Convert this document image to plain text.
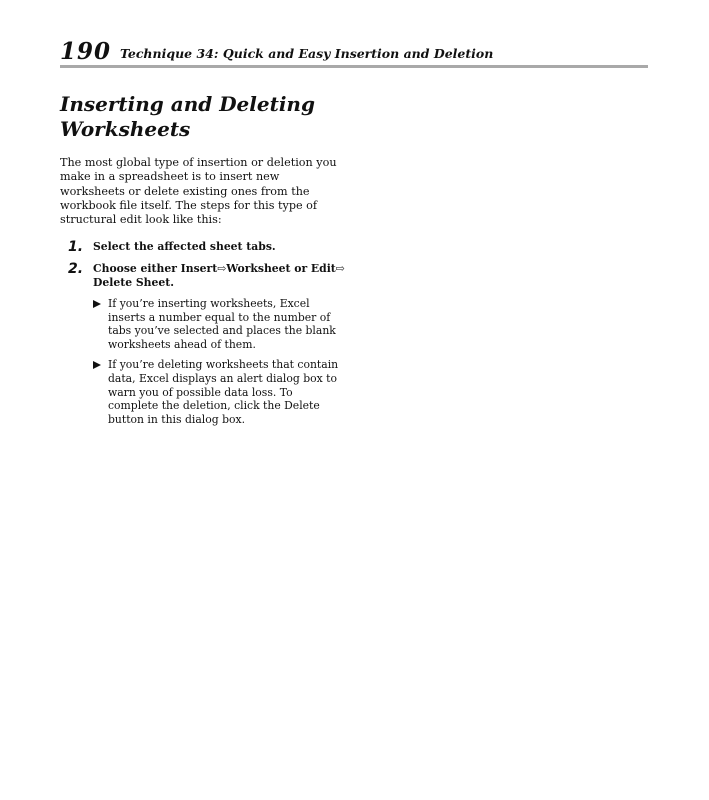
190 Technique 34: Quick and Easy Insertion and Deletion
Inserting and Deleting
Worksheets

The most global type of insertion or deletion you make in a spreadsheet is to insert new worksheets or delete existing ones from the workbook file itself. The steps for this type of structural edit look like this:

1. Select the affected sheet tabs.
2. Choose either Insert⇨Worksheet or Edit⇨ Delete Sheet.
If you’re inserting worksheets, Excel inserts a number equal to the number of tabs you’ve selected and places the blank worksheets ahead of them.
If you’re deleting worksheets that contain data, Excel displays an alert dialog box to warn you of possible data loss. To complete the deletion, click the Delete button in this dialog box.
